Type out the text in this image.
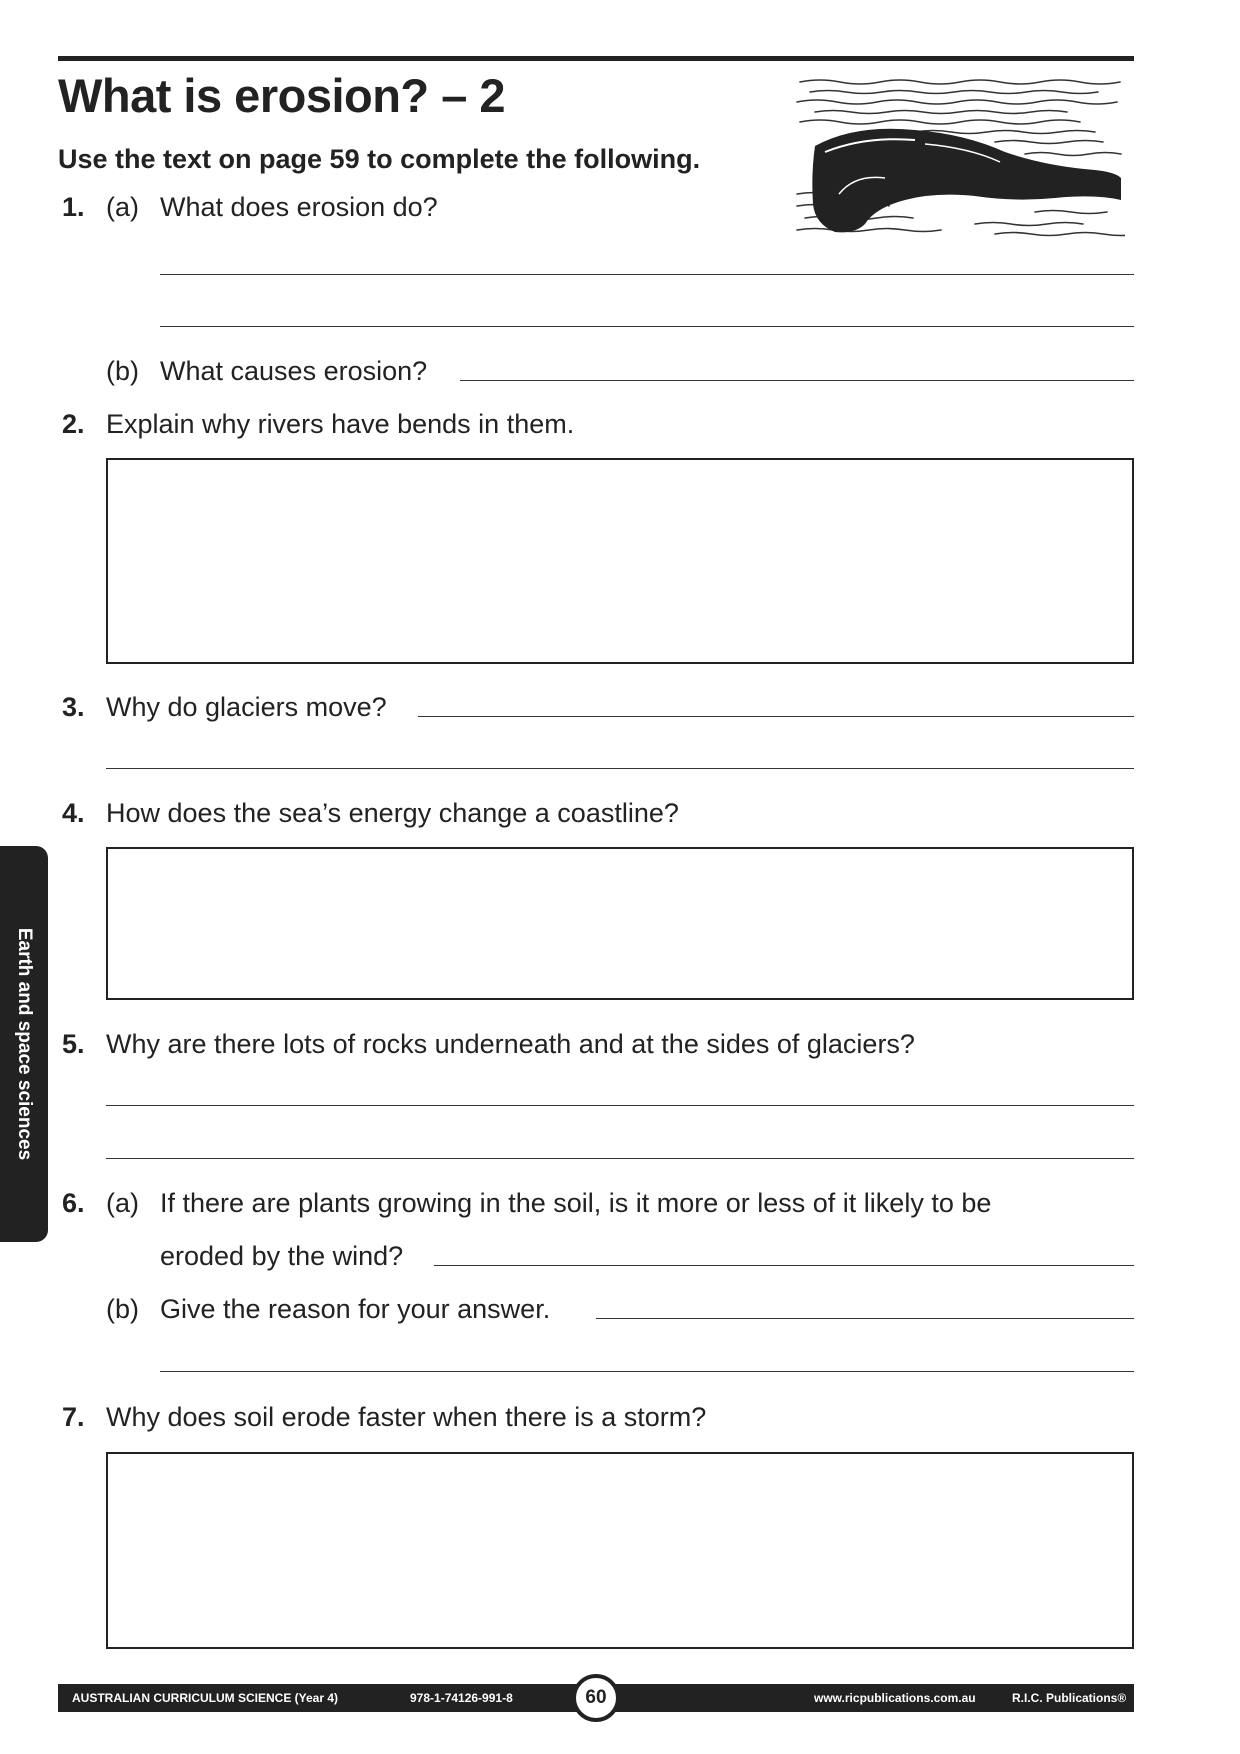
What is erosion? – 2
Use the text on page 59 to complete the following.
1. (a) What does erosion do?
(b) What causes erosion?
2. Explain why rivers have bends in them.
3. Why do glaciers move?
4. How does the sea’s energy change a coastline?
5. Why are there lots of rocks underneath and at the sides of glaciers?
6. (a) If there are plants growing in the soil, is it more or less of it likely to be
eroded by the wind?
(b) Give the reason for your answer.
7. Why does soil erode faster when there is a storm?
Earth and space sciences
AUSTRALIAN CURRICULUM SCIENCE (Year 4)	978-1-74126-991-8	www.ricpublications.com.au	R.I.C. Publications®
60
